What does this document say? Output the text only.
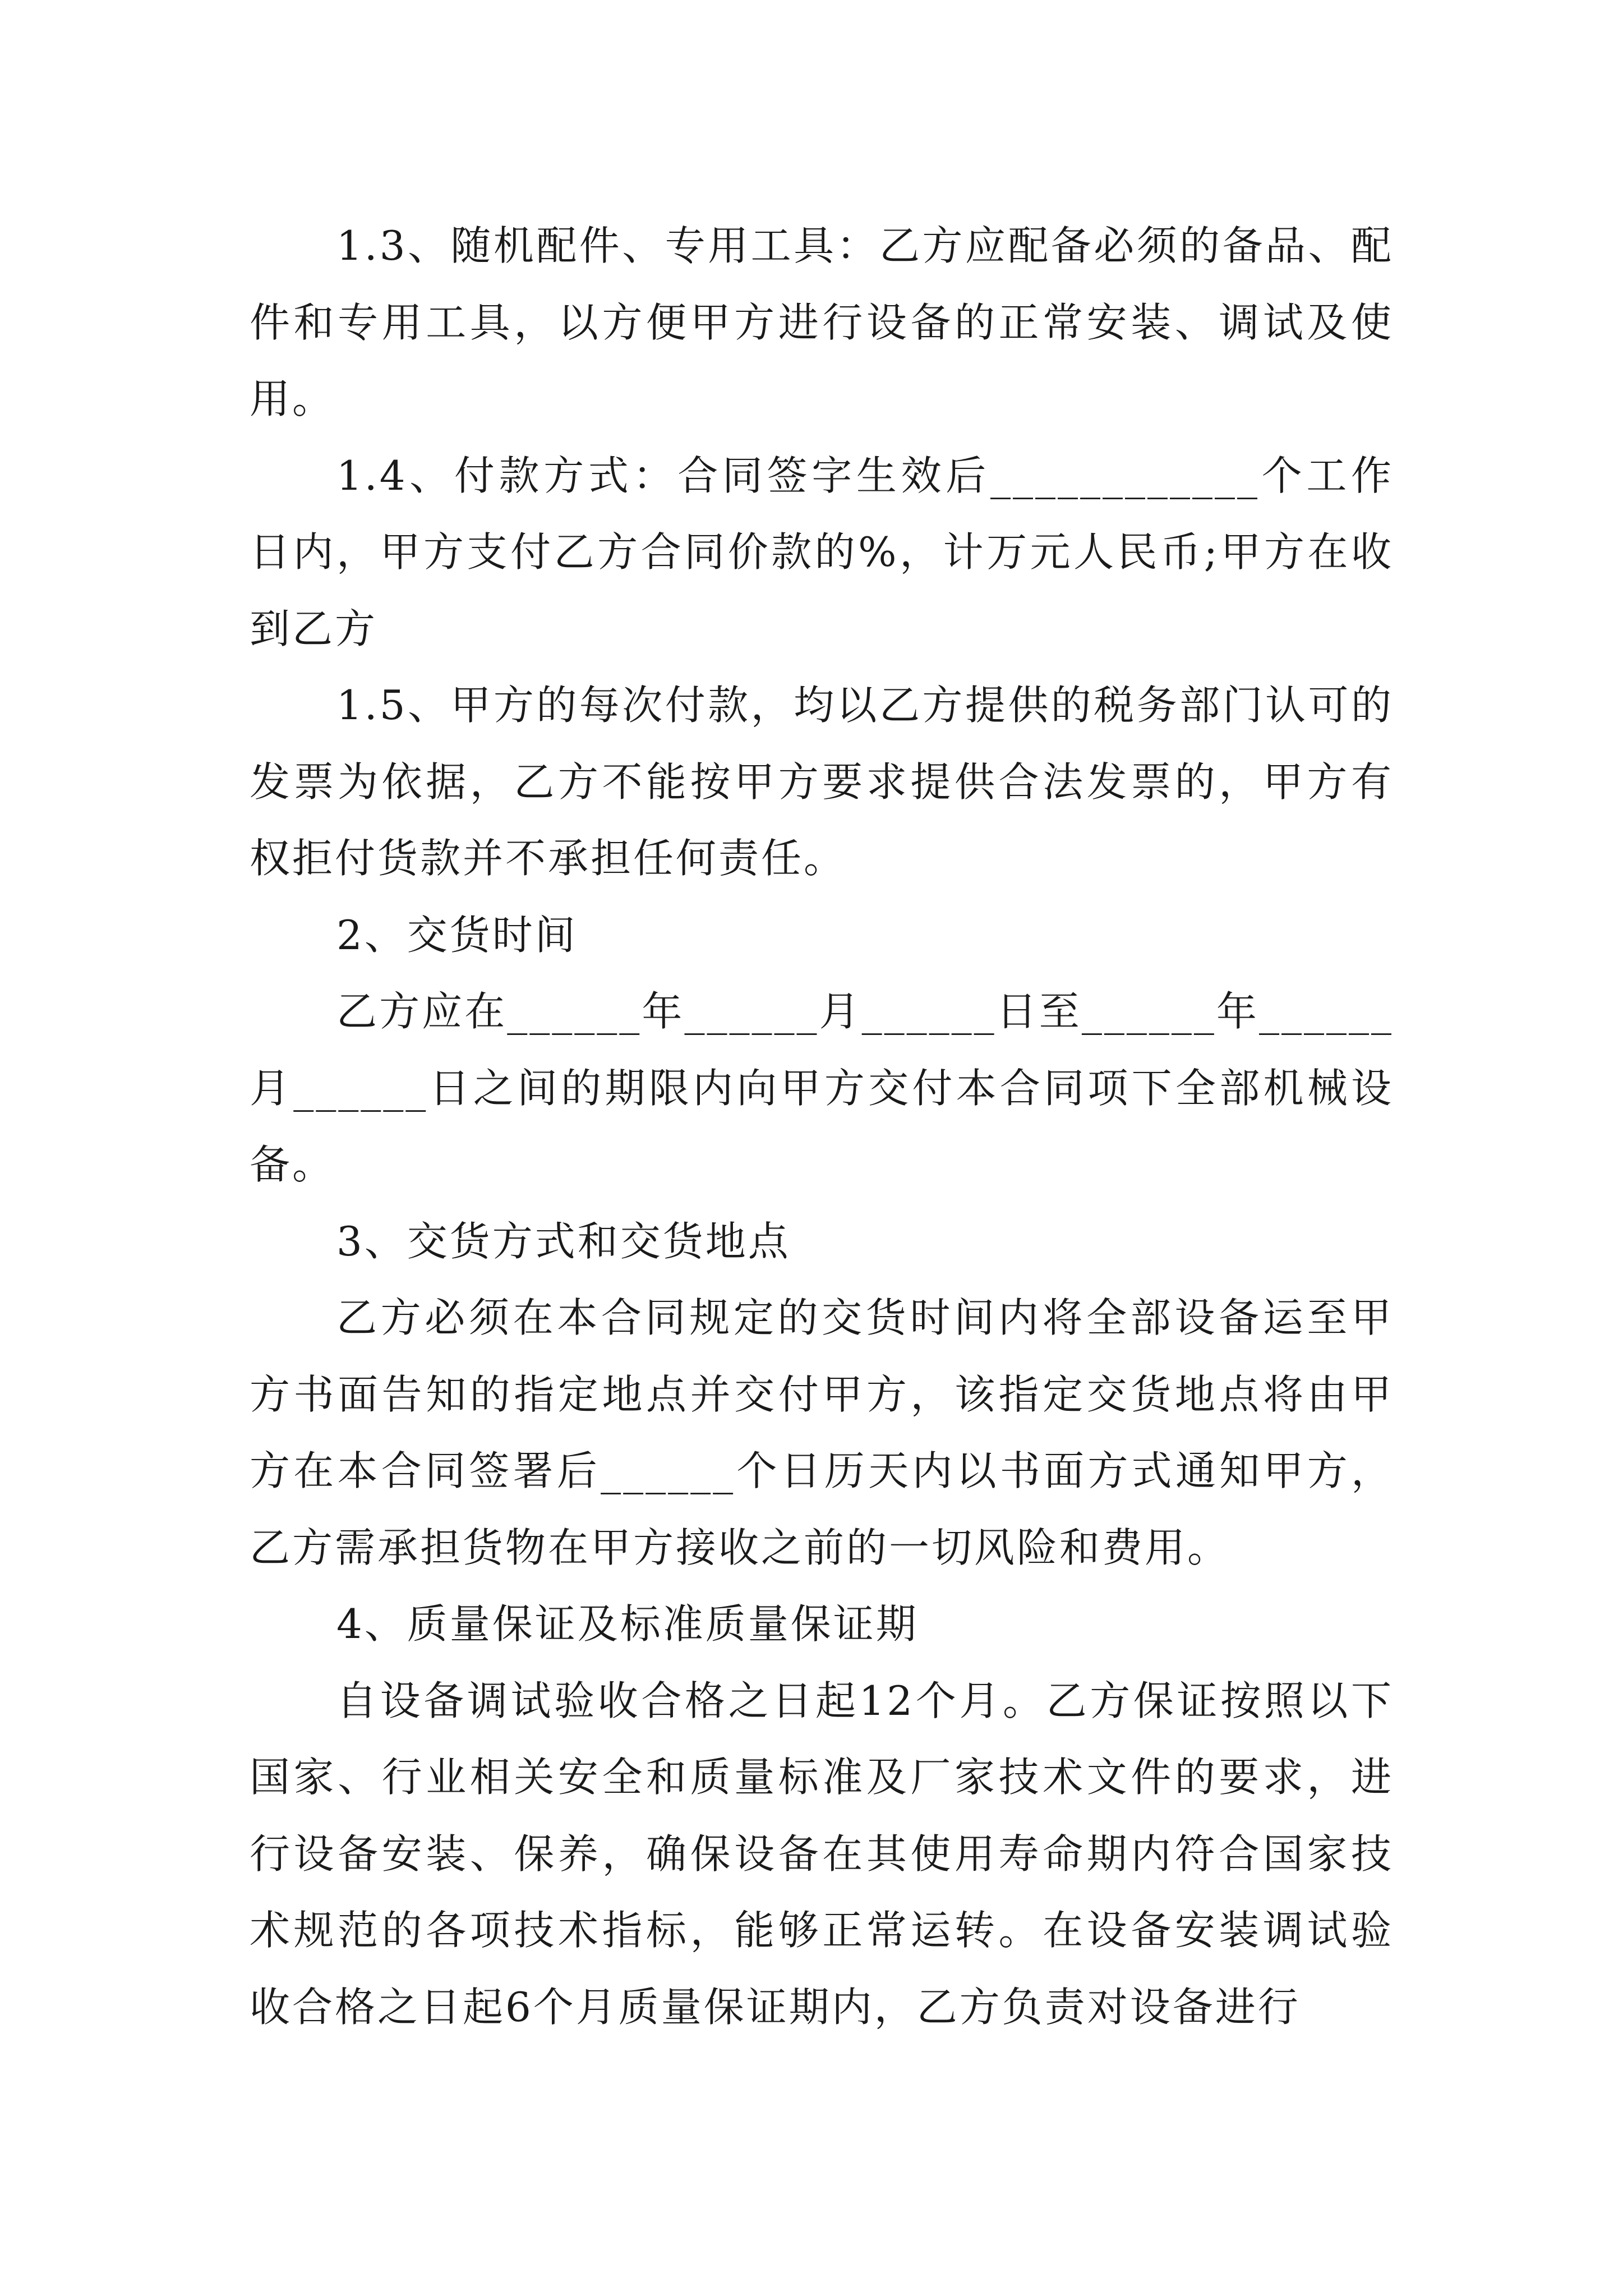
1.3、随机配件、专用工具：乙方应配备必须的备品、配件和专用工具，以方便甲方进行设备的正常安装、调试及使用。

1.4、付款方式：合同签字生效后____________个工作日内，甲方支付乙方合同价款的%，计万元人民币;甲方在收到乙方

1.5、甲方的每次付款，均以乙方提供的税务部门认可的发票为依据，乙方不能按甲方要求提供合法发票的，甲方有权拒付货款并不承担任何责任。

2、交货时间

乙方应在______年______月______日至______年______月______日之间的期限内向甲方交付本合同项下全部机械设备。

3、交货方式和交货地点

乙方必须在本合同规定的交货时间内将全部设备运至甲方书面告知的指定地点并交付甲方，该指定交货地点将由甲方在本合同签署后______个日历天内以书面方式通知甲方，乙方需承担货物在甲方接收之前的一切风险和费用。

4、质量保证及标准质量保证期

自设备调试验收合格之日起12个月。乙方保证按照以下国家、行业相关安全和质量标准及厂家技术文件的要求，进行设备安装、保养，确保设备在其使用寿命期内符合国家技术规范的各项技术指标，能够正常运转。在设备安装调试验收合格之日起6个月质量保证期内，乙方负责对设备进行
